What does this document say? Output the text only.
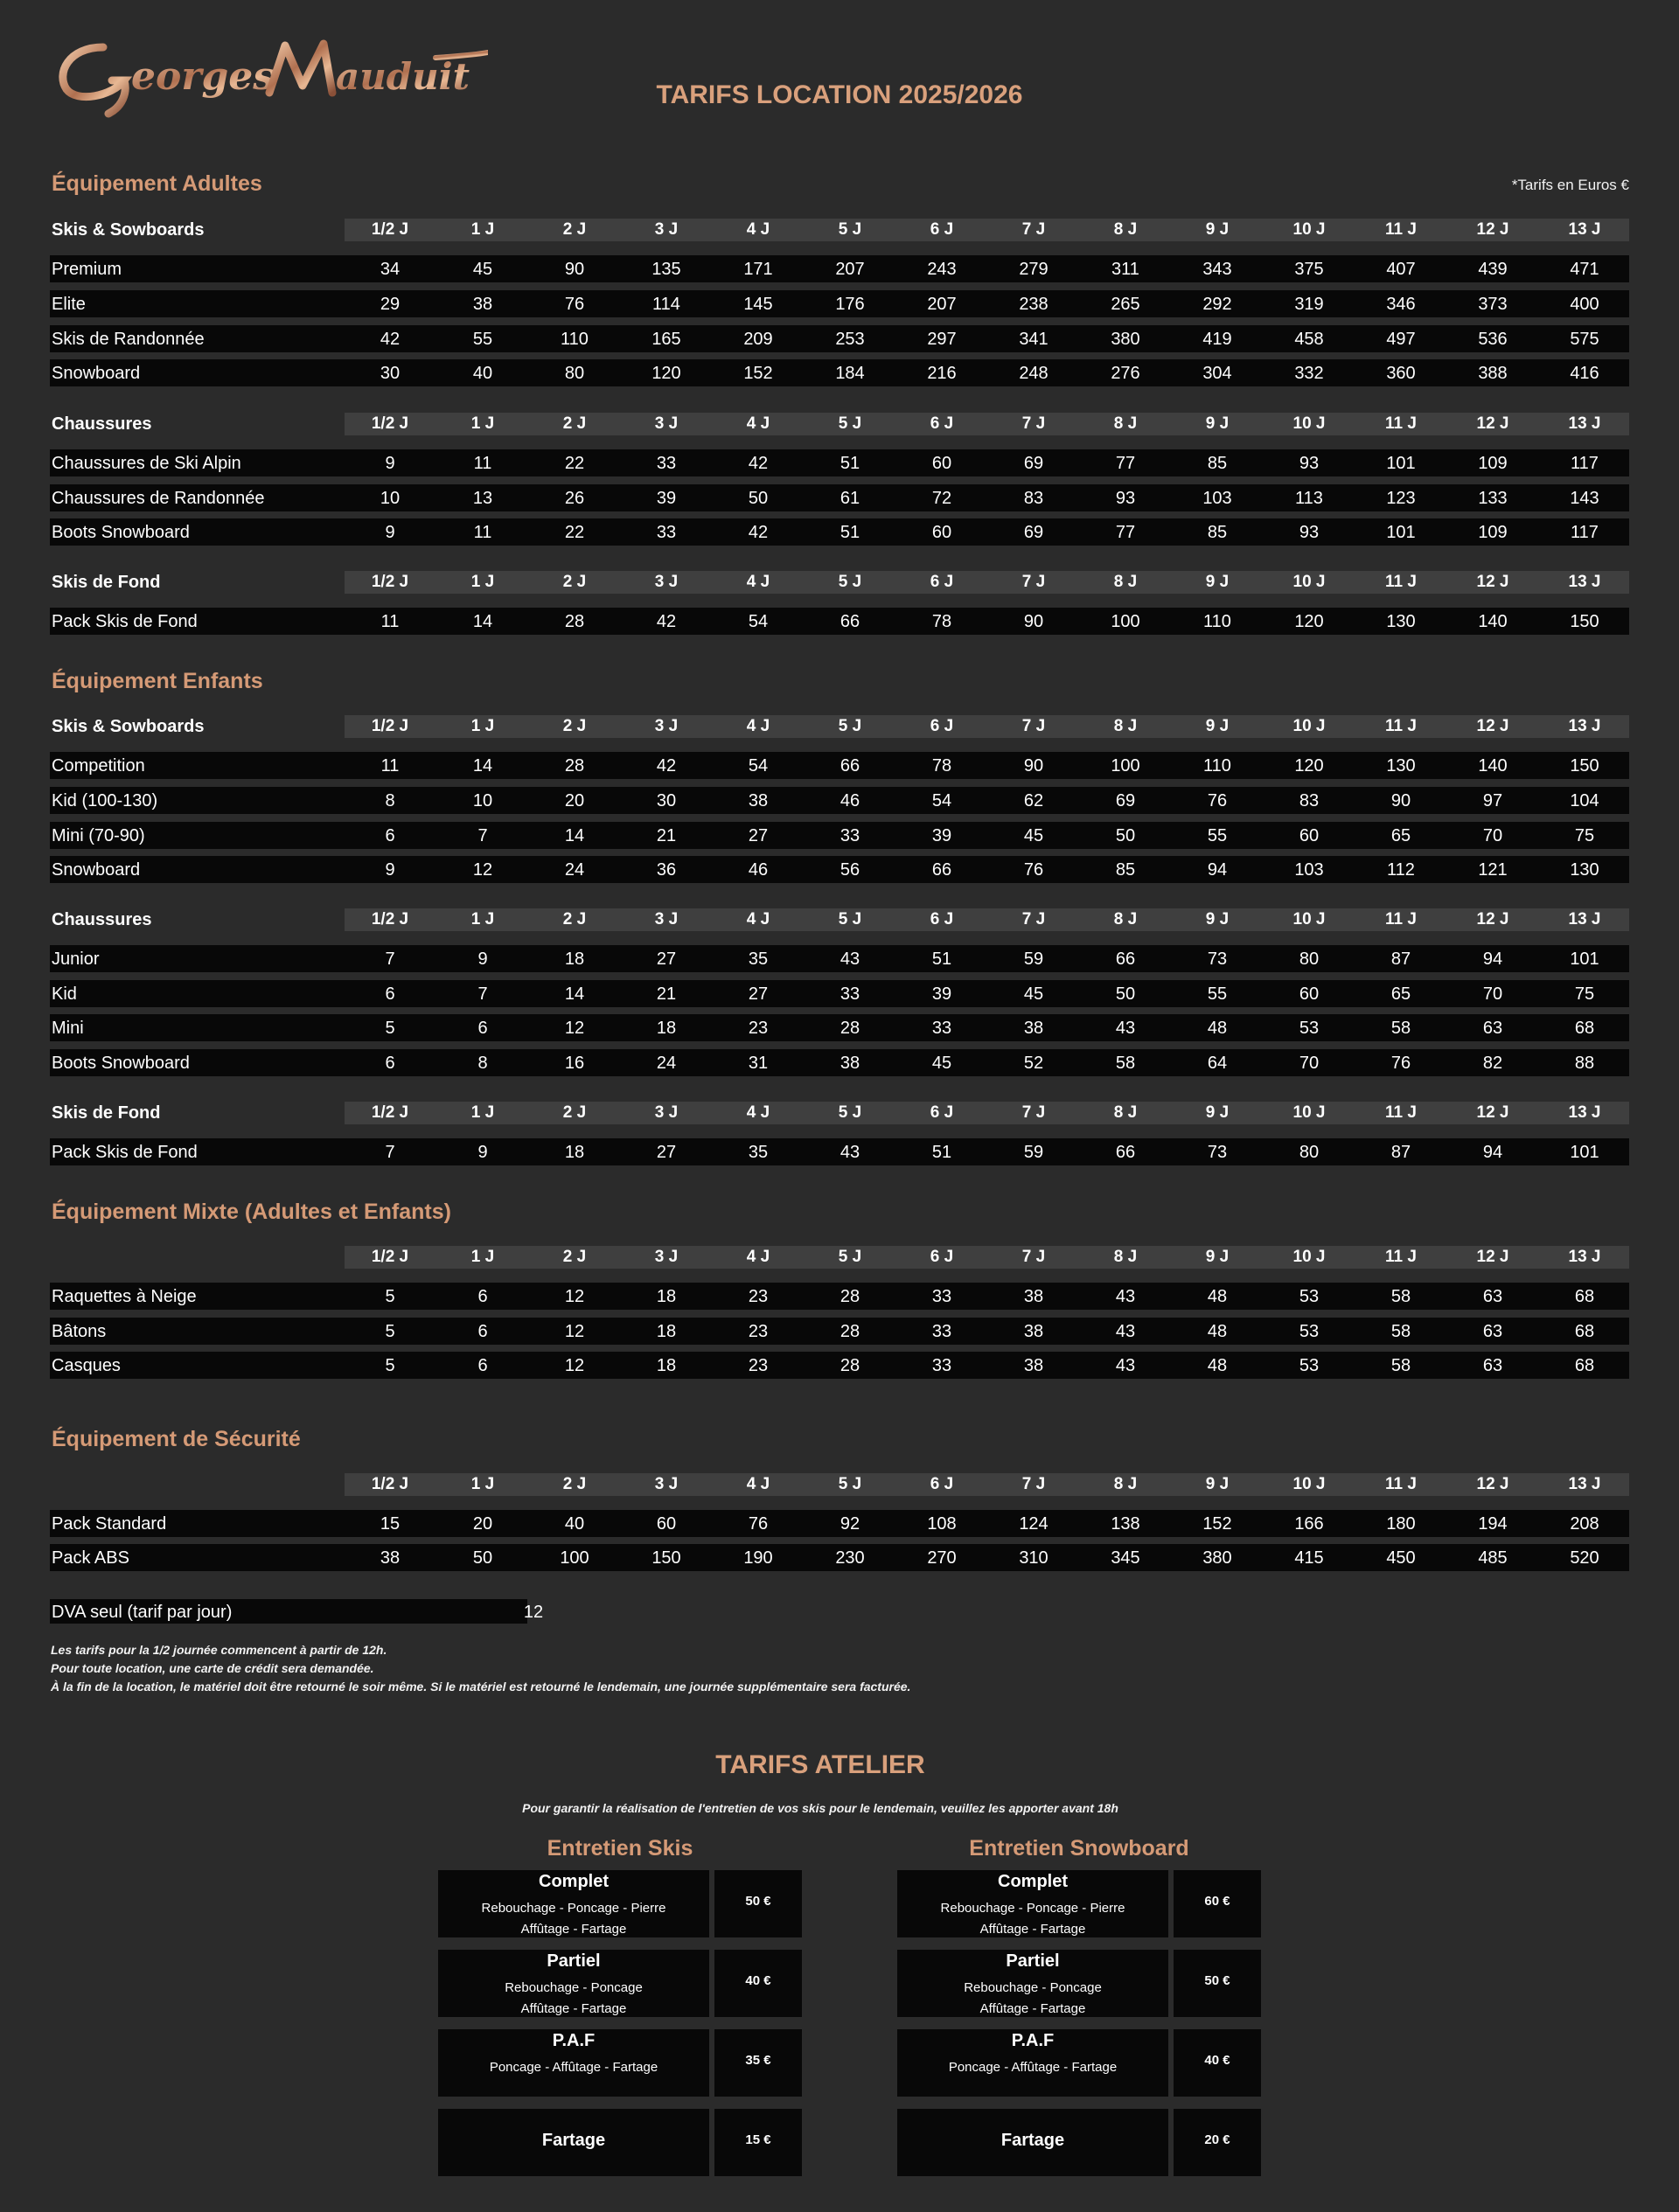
eorges auduit	TARIFS LOCATION 2025/2026
*Tarifs en Euros €
Équipement Adultes
Skis & Sowboards	1/2 J	1 J	2 J	3 J	4 J	5 J	6 J	7 J	8 J	9 J	10 J	11 J	12 J	13 J
Premium	34	45	90	135	171	207	243	279	311	343	375	407	439	471
Elite	29	38	76	114	145	176	207	238	265	292	319	346	373	400
Skis de Randonnée	42	55	110	165	209	253	297	341	380	419	458	497	536	575
Snowboard	30	40	80	120	152	184	216	248	276	304	332	360	388	416
Chaussures	1/2 J	1 J	2 J	3 J	4 J	5 J	6 J	7 J	8 J	9 J	10 J	11 J	12 J	13 J
Chaussures de Ski Alpin	9	11	22	33	42	51	60	69	77	85	93	101	109	117
Chaussures de Randonnée	10	13	26	39	50	61	72	83	93	103	113	123	133	143
Boots Snowboard	9	11	22	33	42	51	60	69	77	85	93	101	109	117
Skis de Fond	1/2 J	1 J	2 J	3 J	4 J	5 J	6 J	7 J	8 J	9 J	10 J	11 J	12 J	13 J
Pack Skis de Fond	11	14	28	42	54	66	78	90	100	110	120	130	140	150
Équipement Enfants
Skis & Sowboards	1/2 J	1 J	2 J	3 J	4 J	5 J	6 J	7 J	8 J	9 J	10 J	11 J	12 J	13 J
Competition	11	14	28	42	54	66	78	90	100	110	120	130	140	150
Kid (100-130)	8	10	20	30	38	46	54	62	69	76	83	90	97	104
Mini (70-90)	6	7	14	21	27	33	39	45	50	55	60	65	70	75
Snowboard	9	12	24	36	46	56	66	76	85	94	103	112	121	130
Chaussures	1/2 J	1 J	2 J	3 J	4 J	5 J	6 J	7 J	8 J	9 J	10 J	11 J	12 J	13 J
Junior	7	9	18	27	35	43	51	59	66	73	80	87	94	101
Kid	6	7	14	21	27	33	39	45	50	55	60	65	70	75
Mini	5	6	12	18	23	28	33	38	43	48	53	58	63	68
Boots Snowboard	6	8	16	24	31	38	45	52	58	64	70	76	82	88
Skis de Fond	1/2 J	1 J	2 J	3 J	4 J	5 J	6 J	7 J	8 J	9 J	10 J	11 J	12 J	13 J
Pack Skis de Fond	7	9	18	27	35	43	51	59	66	73	80	87	94	101
Équipement Mixte (Adultes et Enfants)
1/2 J	1 J	2 J	3 J	4 J	5 J	6 J	7 J	8 J	9 J	10 J	11 J	12 J	13 J
Raquettes à Neige	5	6	12	18	23	28	33	38	43	48	53	58	63	68
Bâtons	5	6	12	18	23	28	33	38	43	48	53	58	63	68
Casques	5	6	12	18	23	28	33	38	43	48	53	58	63	68
Équipement de Sécurité
1/2 J	1 J	2 J	3 J	4 J	5 J	6 J	7 J	8 J	9 J	10 J	11 J	12 J	13 J
Pack Standard	15	20	40	60	76	92	108	124	138	152	166	180	194	208
Pack ABS	38	50	100	150	190	230	270	310	345	380	415	450	485	520
DVA seul (tarif par jour)	12
Les tarifs pour la 1/2 journée commencent à partir de 12h.
Pour toute location, une carte de crédit sera demandée.
À la fin de la location, le matériel doit être retourné le soir même. Si le matériel est retourné le lendemain, une journée supplémentaire sera facturée.
TARIFS ATELIER
Pour garantir la réalisation de l'entretien de vos skis pour le lendemain, veuillez les apporter avant 18h
Entretien Skis
Complet
Rebouchage - Poncage - Pierre
Affûtage - Fartage
50 €
Partiel
Rebouchage - Poncage
Affûtage - Fartage
40 €
P.A.F
Poncage - Affûtage - Fartage	35 €
Fartage	15 €
Entretien Snowboard
Complet
Rebouchage - Poncage - Pierre
Affûtage - Fartage
60 €
Partiel
Rebouchage - Poncage
Affûtage - Fartage
50 €
P.A.F
Poncage - Affûtage - Fartage	40 €
Fartage	20 €
